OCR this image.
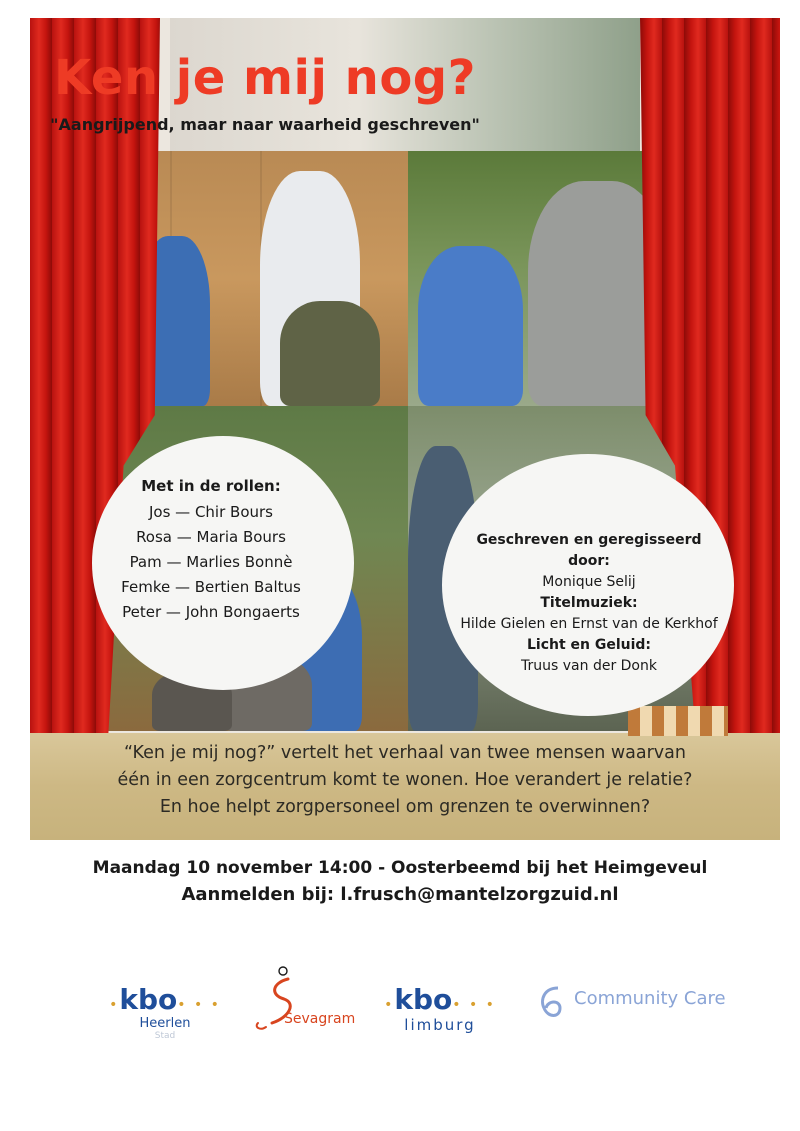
“Ken je mij nog?” vertelt het verhaal van twee mensen waarvan
één in een zorgcentrum komt te wonen. Hoe verandert je relatie?
En hoe helpt zorgpersoneel om grenzen te overwinnen?
Met in de rollen:
Jos — Chir Bours
Rosa — Maria Bours
Pam — Marlies Bonnè
Femke — Bertien Baltus
Peter — John Bongaerts
Geschreven en geregisseerd door:
Monique Selij
Titelmuziek:
Hilde Gielen en Ernst van de Kerkhof
Licht en Geluid:
Truus van der Donk
Ken je mij nog?
"Aangrijpend, maar naar waarheid geschreven"
Maandag 10 november 14:00 - Oosterbeemd bij het Heimgeveul
Aanmelden bij: l.frusch@mantelzorgzuid.nl
•kbo• • •
Heerlen
Stad
Sevagram
•kbo• • •
limburg
Community Care
